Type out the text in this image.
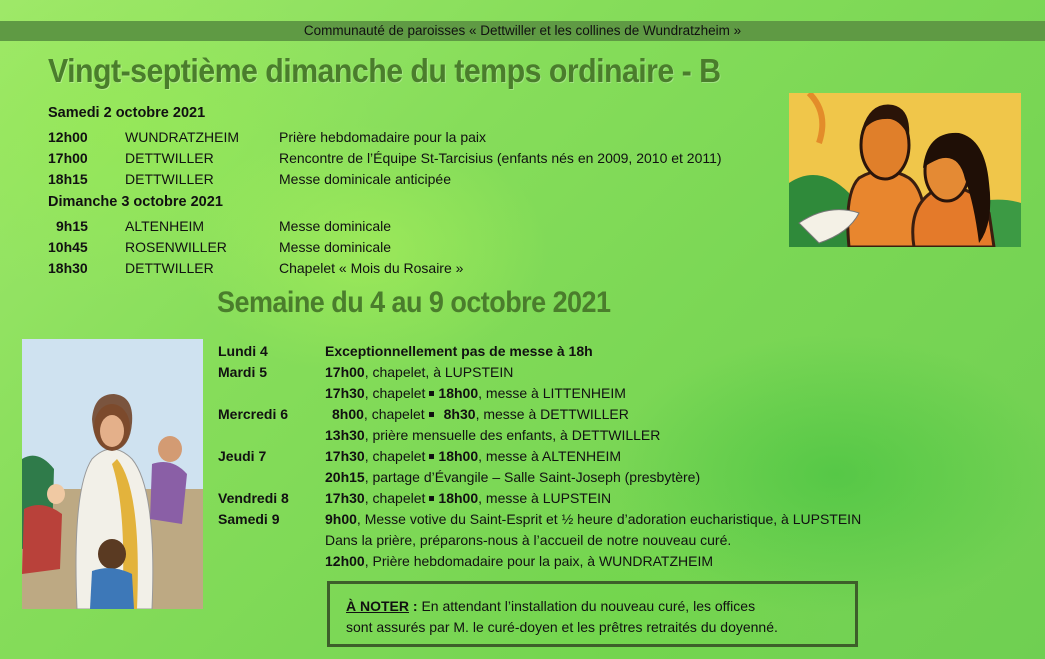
Communauté de paroisses « Dettwiller et les collines de Wundratzheim »
Vingt-septième dimanche du temps ordinaire - B
Samedi 2 octobre 2021
12h00	WUNDRATZHEIM	Prière hebdomadaire pour la paix
17h00	DETTWILLER	Rencontre de l’Équipe St-Tarcisius (enfants nés en 2009, 2010 et 2011)
18h15	DETTWILLER	Messe dominicale anticipée
Dimanche 3 octobre 2021
9h15	ALTENHEIM	Messe dominicale
10h45	ROSENWILLER	Messe dominicale
18h30	DETTWILLER	Chapelet « Mois du Rosaire »
Semaine du 4 au 9 octobre 2021
Lundi 4	Exceptionnellement pas de messe à 18h
Mardi 5	17h00, chapelet, à LUPSTEIN
17h30, chapelet 18h00, messe à LITTENHEIM
Mercredi 6	8h00, chapelet 8h30, messe à DETTWILLER
13h30, prière mensuelle des enfants, à DETTWILLER
Jeudi 7	17h30, chapelet 18h00, messe à ALTENHEIM
20h15, partage d’Évangile – Salle Saint-Joseph (presbytère)
Vendredi 8	17h30, chapelet 18h00, messe à LUPSTEIN
Samedi 9	9h00, Messe votive du Saint-Esprit et ½ heure d’adoration eucharistique, à LUPSTEIN
Dans la prière, préparons-nous à l’accueil de notre nouveau curé.
12h00, Prière hebdomadaire pour la paix, à WUNDRATZHEIM
À NOTER : En attendant l’installation du nouveau curé, les offices
sont assurés par M. le curé-doyen et les prêtres retraités du doyenné.
